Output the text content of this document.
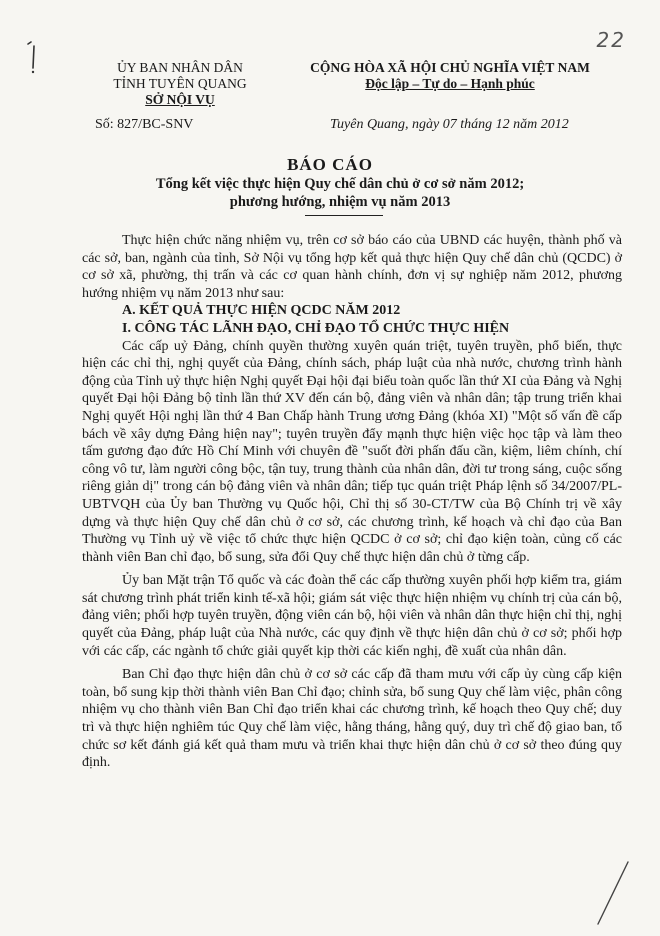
22
ỦY BAN NHÂN DÂN
TỈNH TUYÊN QUANG
SỞ NỘI VỤ
CỘNG HÒA XÃ HỘI CHỦ NGHĨA VIỆT NAM
Độc lập – Tự do – Hạnh phúc
Số: 827/BC-SNV	Tuyên Quang, ngày 07 tháng 12 năm 2012
BÁO CÁO
Tổng kết việc thực hiện Quy chế dân chủ ở cơ sở năm 2012;
phương hướng, nhiệm vụ năm 2013

Thực hiện chức năng nhiệm vụ, trên cơ sở báo cáo của UBND các huyện, thành phố và các sở, ban, ngành của tỉnh, Sở Nội vụ tổng hợp kết quả thực hiện Quy chế dân chủ (QCDC) ở cơ sở xã, phường, thị trấn và các cơ quan hành chính, đơn vị sự nghiệp năm 2012, phương hướng nhiệm vụ năm 2013 như sau:

A. KẾT QUẢ THỰC HIỆN QCDC NĂM 2012
I. CÔNG TÁC LÃNH ĐẠO, CHỈ ĐẠO TỔ CHỨC THỰC HIỆN

Các cấp uỷ Đảng, chính quyền thường xuyên quán triệt, tuyên truyền, phổ biến, thực hiện các chỉ thị, nghị quyết của Đảng, chính sách, pháp luật của nhà nước, chương trình hành động của Tỉnh uỷ thực hiện Nghị quyết Đại hội đại biểu toàn quốc lần thứ XI của Đảng và Nghị quyết Đại hội Đảng bộ tỉnh lần thứ XV đến cán bộ, đảng viên và nhân dân; tập trung triển khai Nghị quyết Hội nghị lần thứ 4 Ban Chấp hành Trung ương Đảng (khóa XI) "Một số vấn đề cấp bách về xây dựng Đảng hiện nay"; tuyên truyền đẩy mạnh thực hiện việc học tập và làm theo tấm gương đạo đức Hồ Chí Minh với chuyên đề "suốt đời phấn đấu cần, kiệm, liêm chính, chí công vô tư, làm người công bộc, tận tuy, trung thành của nhân dân, đời tư trong sáng, cuộc sống riêng giản dị" trong cán bộ đảng viên và nhân dân; tiếp tục quán triệt Pháp lệnh số 34/2007/PL-UBTVQH của Ủy ban Thường vụ Quốc hội, Chỉ thị số 30-CT/TW của Bộ Chính trị về xây dựng và thực hiện Quy chế dân chủ ở cơ sở, các chương trình, kế hoạch và chỉ đạo của Ban Thường vụ Tỉnh uỷ về việc tổ chức thực hiện QCDC ở cơ sở; chỉ đạo kiện toàn, củng cố các thành viên Ban chỉ đạo, bổ sung, sửa đổi Quy chế thực hiện dân chủ ở từng cấp.

Ủy ban Mặt trận Tổ quốc và các đoàn thể các cấp thường xuyên phối hợp kiểm tra, giám sát chương trình phát triển kinh tế-xã hội; giám sát việc thực hiện nhiệm vụ chính trị của cán bộ, đảng viên; phối hợp tuyên truyền, động viên cán bộ, hội viên và nhân dân thực hiện chỉ thị, nghị quyết của Đảng, pháp luật của Nhà nước, các quy định về thực hiện dân chủ ở cơ sở; phối hợp với các cấp, các ngành tổ chức giải quyết kịp thời các kiến nghị, đề xuất của nhân dân.

Ban Chỉ đạo thực hiện dân chủ ở cơ sở các cấp đã tham mưu với cấp ủy cùng cấp kiện toàn, bổ sung kịp thời thành viên Ban Chỉ đạo; chỉnh sửa, bổ sung Quy chế làm việc, phân công nhiệm vụ cho thành viên Ban Chỉ đạo triển khai các chương trình, kế hoạch theo Quy chế; duy trì và thực hiện nghiêm túc Quy chế làm việc, hằng tháng, hằng quý, duy trì chế độ giao ban, tổ chức sơ kết đánh giá kết quả tham mưu và triển khai thực hiện dân chủ ở cơ sở theo đúng quy định.
